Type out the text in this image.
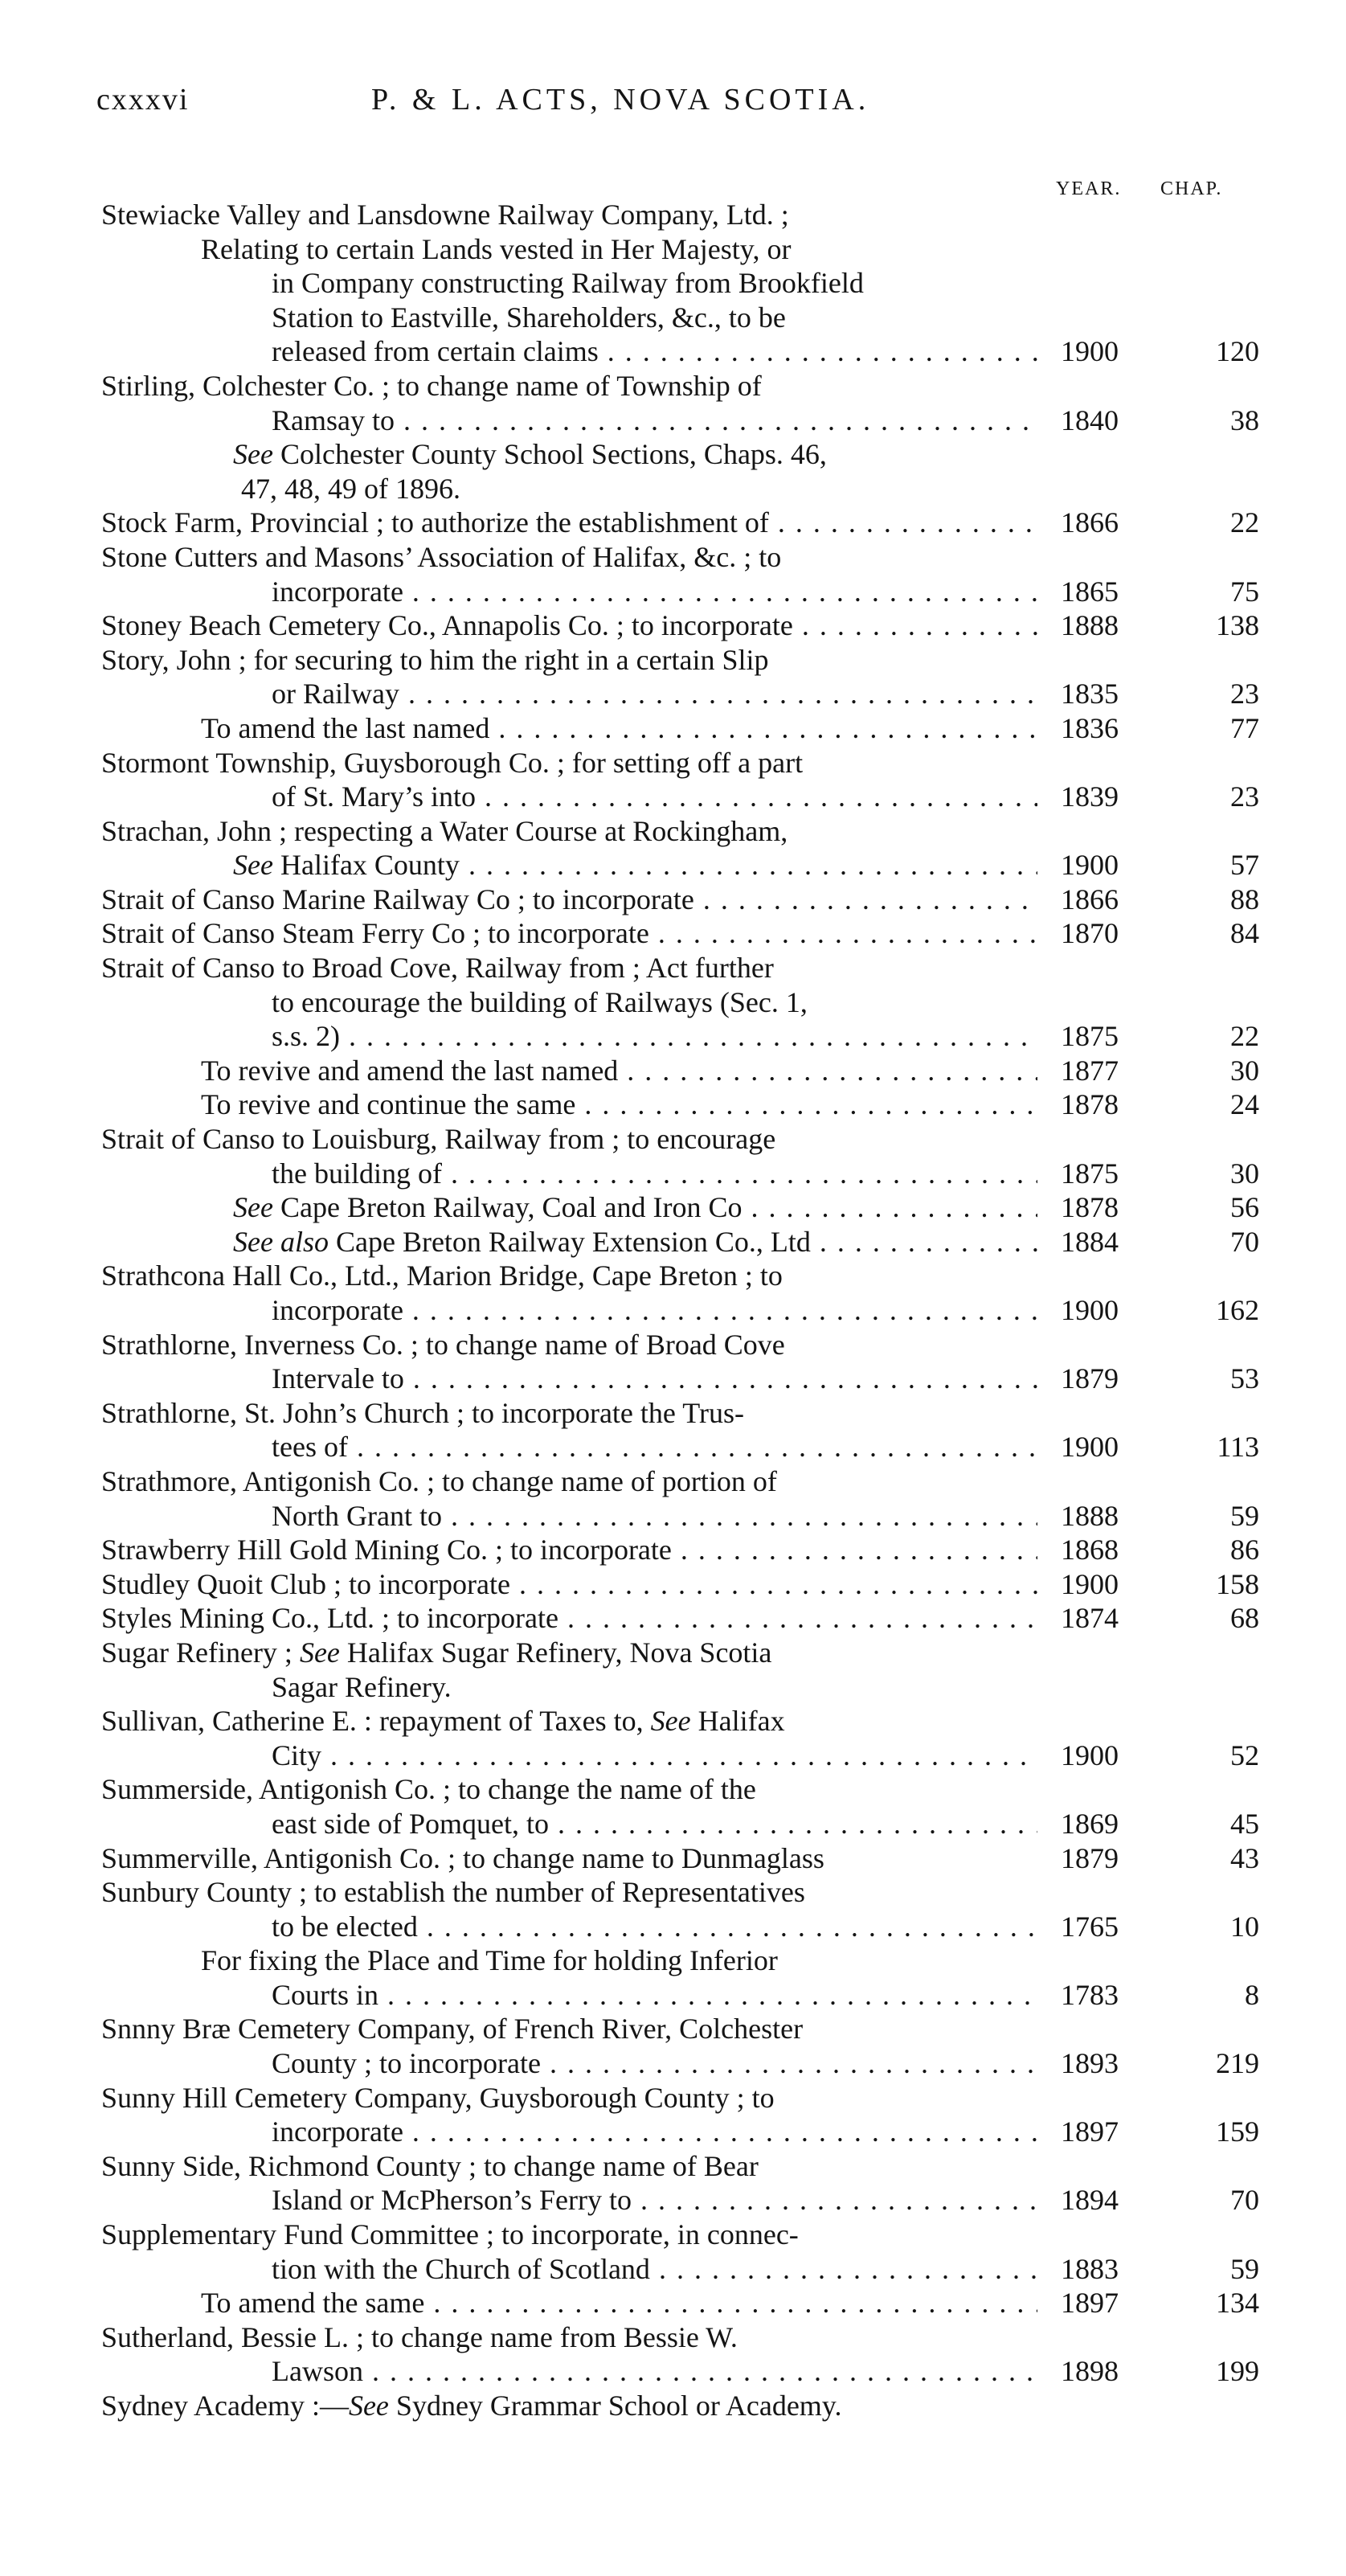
cxxxvi	P. & L. ACTS, NOVA SCOTIA.
YEAR. CHAP.
Stewiacke Valley and Lansdowne Railway Company, Ltd. ;
Relating to certain Lands vested in Her Majesty, or
in Company constructing Railway from Brookfield
Station to Eastville, Shareholders, &c., to be
released from certain claims . . .	1900	120
Stirling, Colchester Co. ; to change name of Township of
Ramsay to . . .	1840	38
See Colchester County School Sections, Chaps. 46,
47, 48, 49 of 1896.
Stock Farm, Provincial ; to authorize the establishment of . . .	1866	22
Stone Cutters and Masons’ Association of Halifax, &c. ; to
incorporate . . .	1865	75
Stoney Beach Cemetery Co., Annapolis Co. ; to incorporate . . .	1888	138
Story, John ; for securing to him the right in a certain Slip
or Railway . . .	1835	23
To amend the last named . . .	1836	77
Stormont Township, Guysborough Co. ; for setting off a part
of St. Mary’s into . . .	1839	23
Strachan, John ; respecting a Water Course at Rockingham,
See Halifax County . . .	1900	57
Strait of Canso Marine Railway Co ; to incorporate . . .	1866	88
Strait of Canso Steam Ferry Co ; to incorporate . . .	1870	84
Strait of Canso to Broad Cove, Railway from ; Act further
to encourage the building of Railways (Sec. 1,
s.s. 2) . . .	1875	22
To revive and amend the last named . . .	1877	30
To revive and continue the same . . .	1878	24
Strait of Canso to Louisburg, Railway from ; to encourage
the building of . . .	1875	30
See Cape Breton Railway, Coal and Iron Co . . .	1878	56
See also Cape Breton Railway Extension Co., Ltd . . .	1884	70
Strathcona Hall Co., Ltd., Marion Bridge, Cape Breton ; to
incorporate . . .	1900	162
Strathlorne, Inverness Co. ; to change name of Broad Cove
Intervale to . . .	1879	53
Strathlorne, St. John’s Church ; to incorporate the Trus-
tees of . . .	1900	113
Strathmore, Antigonish Co. ; to change name of portion of
North Grant to . . .	1888	59
Strawberry Hill Gold Mining Co. ; to incorporate . . .	1868	86
Studley Quoit Club ; to incorporate . . .	1900	158
Styles Mining Co., Ltd. ; to incorporate . . .	1874	68
Sugar Refinery ; See Halifax Sugar Refinery, Nova Scotia
Sagar Refinery.
Sullivan, Catherine E. : repayment of Taxes to, See Halifax
City . . .	1900	52
Summerside, Antigonish Co. ; to change the name of the
east side of Pomquet, to . . .	1869	45
Summerville, Antigonish Co. ; to change name to Dunmaglass	1879	43
Sunbury County ; to establish the number of Representatives
to be elected . . .	1765	10
For fixing the Place and Time for holding Inferior
Courts in . . .	1783	8
Snnny Bræ Cemetery Company, of French River, Colchester
County ; to incorporate . . .	1893	219
Sunny Hill Cemetery Company, Guysborough County ; to
incorporate . . .	1897	159
Sunny Side, Richmond County ; to change name of Bear
Island or McPherson’s Ferry to . . .	1894	70
Supplementary Fund Committee ; to incorporate, in connec-
tion with the Church of Scotland . . .	1883	59
To amend the same . . .	1897	134
Sutherland, Bessie L. ; to change name from Bessie W.
Lawson . . .	1898	199
Sydney Academy :—See Sydney Grammar School or Academy.
